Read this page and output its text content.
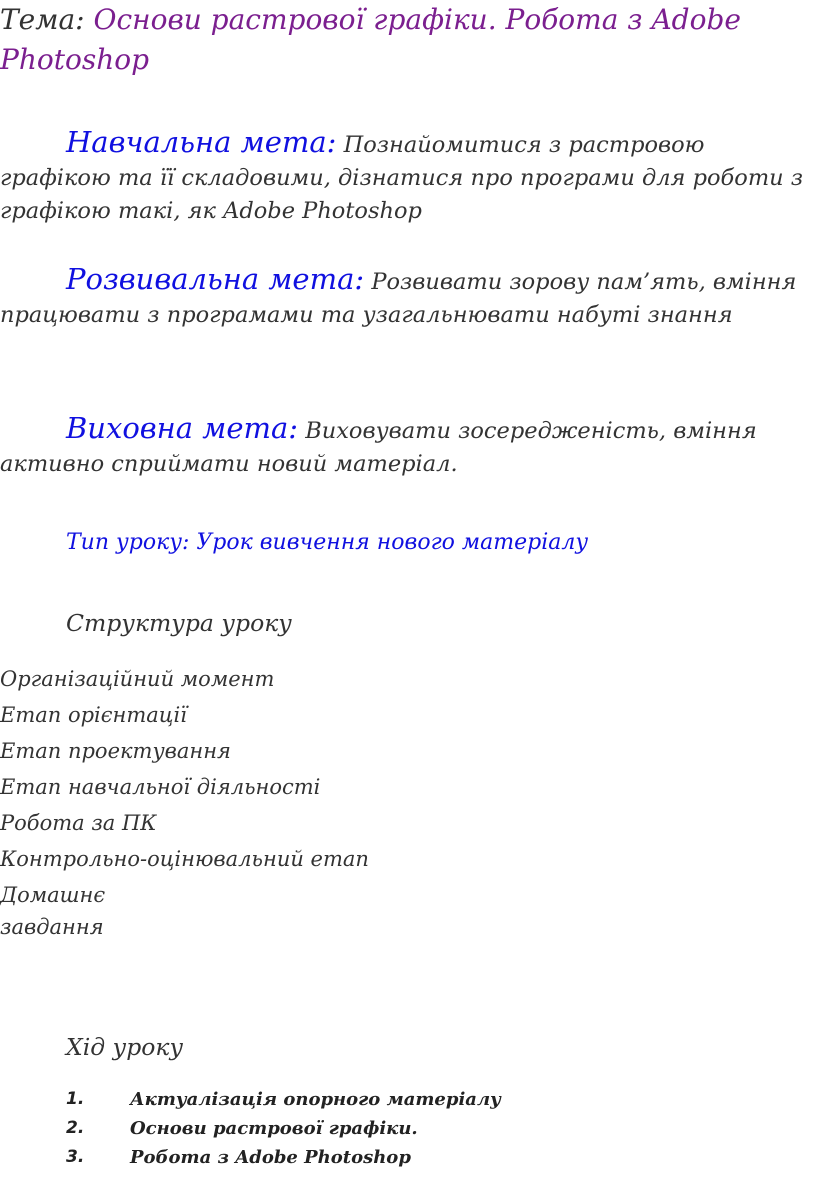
Тема: Основи растрової графіки. Робота з Adobe Photoshop

Навчальна мета: Познайомитися з растровою графікою та її складовими, дізнатися про програми для роботи з графікою такі, як Adobe Photoshop

Розвивальна мета: Розвивати зорову пам’ять, вміння працювати з програмами та узагальнювати набуті знання

Виховна мета: Виховувати зосередженість, вміння активно сприймати новий матеріал.

Тип уроку: Урок вивчення нового матеріалу

Структура уроку

Організаційний момент
Етап орієнтації
Етап проектування
Етап навчальної діяльності
Робота за ПК
Контрольно-оцінювальний етап
Домашнє завдання

Хід уроку

1.	Актуалізація опорного матеріалу
2.	Основи растрової графіки.
3.	Робота з Adobe Photoshop
